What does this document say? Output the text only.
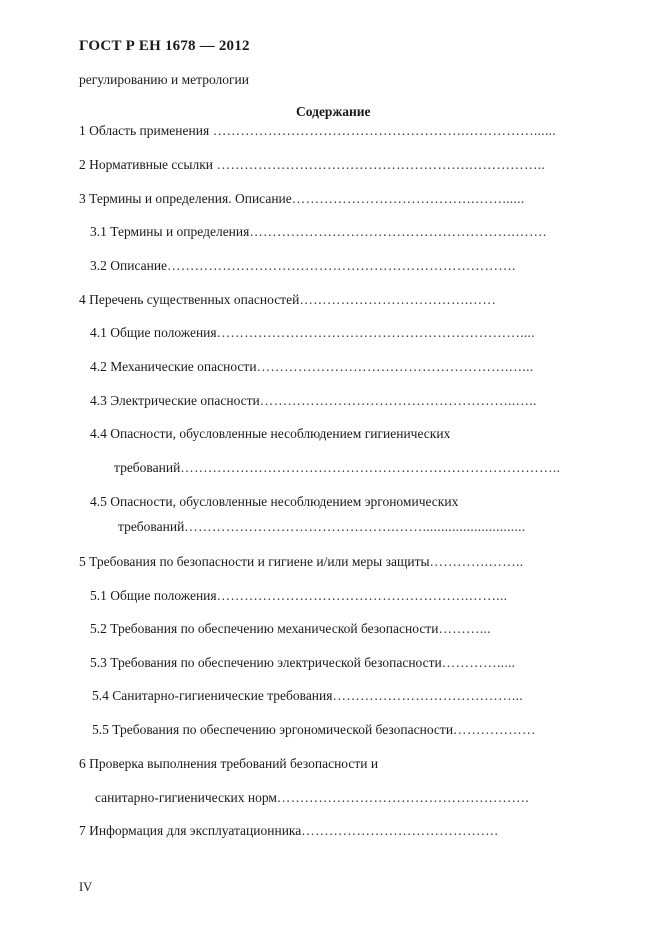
ГОСТ Р ЕН 1678 — 2012
регулированию и метрологии
Содержание
1 Область применения ……………………………………………….……………......
2 Нормативные ссылки ……………………………………………….……………..
3 Термины и определения. Описание………………………………….……......
3.1 Термины и определения………………………………………………….…….
3.2 Описание………………………………………………………………….
4 Перечень существенных опасностей……………………………….……
4.1 Общие положения…………………………………………………………....
4.2 Механические опасности……………………………………………….…...
4.3 Электрические опасности………………………………………………..…..
4.4 Опасности, обусловленные несоблюдением гигиенических
требований………………………………………………………………………..
4.5 Опасности, обусловленные несоблюдением эргономических
требований……………………………………….……............................
5 Требования по безопасности и гигиене и/или меры защиты………….……..
5.1 Общие положения……………………………………………….……...
5.2 Требования по обеспечению механической безопасности………...
5.3 Требования по обеспечению электрической безопасности………….....
5.4 Санитарно-гигиенические требования…………………………………...
5.5 Требования по обеспечению эргономической безопасности………………
6 Проверка выполнения требований безопасности и
санитарно-гигиенических норм……………………………………………….
7 Информация для эксплуатационника…………………………………….
IV
